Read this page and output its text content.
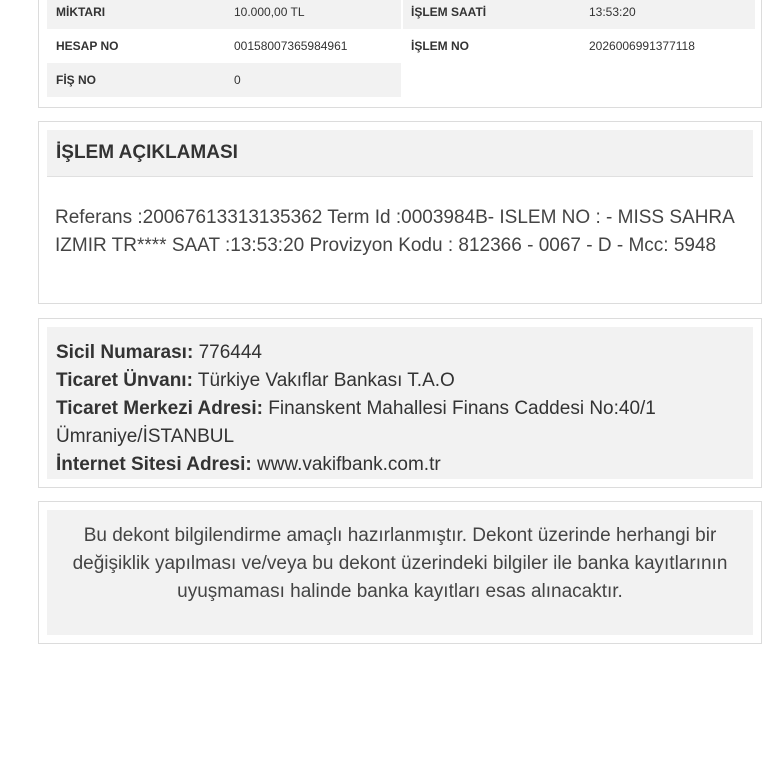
MİKTARI	10.000,00 TL	İŞLEM SAATİ	13:53:20
HESAP NO	00158007365984961	İŞLEM NO	2026006991377118
FİŞ NO	0
İŞLEM AÇIKLAMASI
Referans :20067613313135362 Term Id :0003984B- ISLEM NO : - MISS SAHRA IZMIR TR**** SAAT :13:53:20 Provizyon Kodu : 812366 - 0067 - D - Mcc: 5948
Sicil Numarası: 776444
Ticaret Ünvanı: Türkiye Vakıflar Bankası T.A.O
Ticaret Merkezi Adresi: Finanskent Mahallesi Finans Caddesi No:40/1 Ümraniye/İSTANBUL
İnternet Sitesi Adresi: www.vakifbank.com.tr
Bu dekont bilgilendirme amaçlı hazırlanmıştır. Dekont üzerinde herhangi bir değişiklik yapılması ve/veya bu dekont üzerindeki bilgiler ile banka kayıtlarının uyuşmaması halinde banka kayıtları esas alınacaktır.
